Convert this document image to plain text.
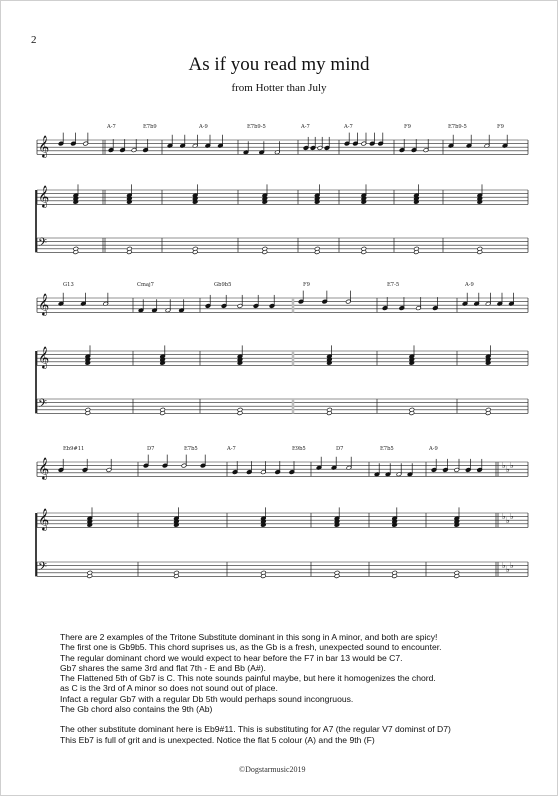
2
As if you read my mind
from Hotter than July
A-7	E7b9	A-9	E7b9-5	A-7	A-7	F9	E7b9-5	F9
𝄞
𝄞
𝄢
G13	Cmaj7	Gb9b5	F9	E7-5	A-9
𝄞
𝄞
𝄢
Eb9#11	D7	E7b5	A-7	E9b5	D7	E7b5	A-9
𝄞	♭ ♭ ♭
𝄞	♭ ♭ ♭
𝄢	♭ ♭ ♭

There are 2 examples of the Tritone Substitute dominant in this song in A minor, and both are spicy!

The first one is Gb9b5. This chord suprises us, as the Gb is a fresh, unexpected sound to encounter.

The regular dominant chord we would expect to hear before the F7 in bar 13 would be C7.

Gb7 shares the same 3rd and flat 7th - E and Bb (A#).

The Flattened 5th of Gb7 is C. This note sounds painful maybe, but here it homogenizes the chord.

as C is the 3rd of A minor so does not sound out of place.

Infact a regular Gb7 with a regular Db 5th would perhaps sound incongruous.

The Gb chord also contains the 9th (Ab)

The other substitute dominant here is Eb9#11. This is substituting for A7 (the regular V7 dominst of D7)

This Eb7 is full of grit and is unexpected. Notice the flat 5 colour (A) and the 9th (F)

©Dogstarmusic2019
